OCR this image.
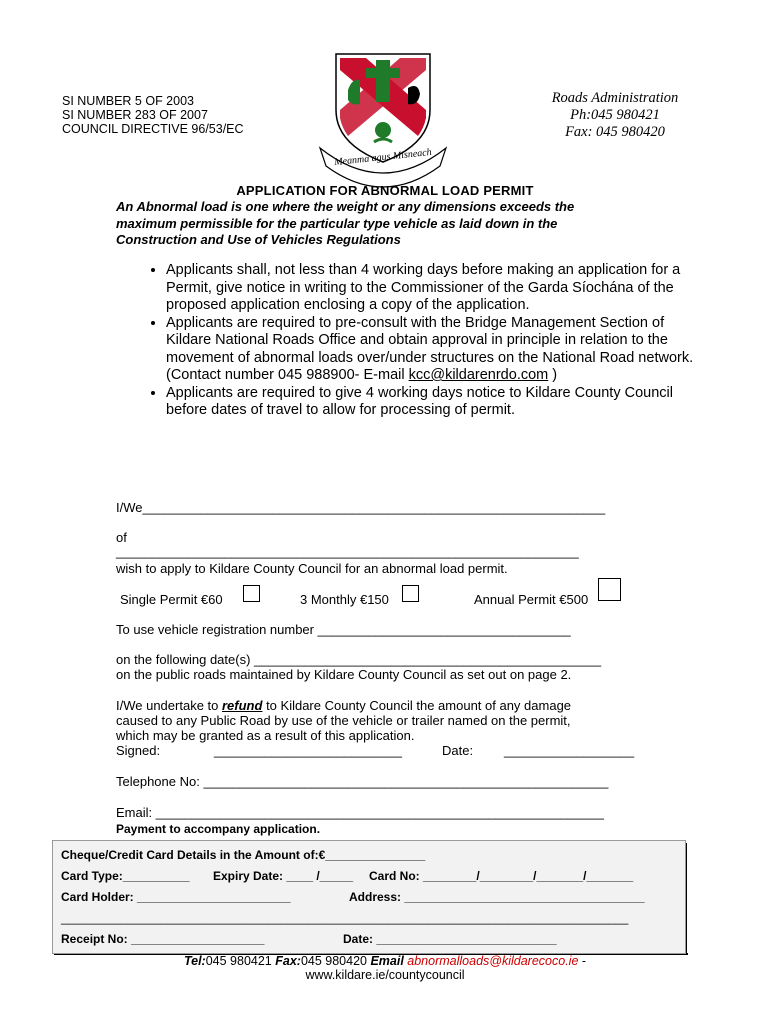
SI NUMBER 5 OF 2003
SI NUMBER 283 OF 2007
COUNCIL DIRECTIVE 96/53/EC
Meanma agus Misneach
Roads Administration
Ph:045 980421
Fax: 045 980420
APPLICATION FOR ABNORMAL LOAD PERMIT
An Abnormal load is one where the weight or any dimensions exceeds the maximum permissible for the particular type vehicle as laid down in the Construction and Use of Vehicles Regulations
• Applicants shall, not less than 4 working days before making an application for a Permit, give notice in writing to the Commissioner of the Garda Síochána of the proposed application enclosing a copy of the application.
• Applicants are required to pre-consult with the Bridge Management Section of Kildare National Roads Office and obtain approval in principle in relation to the movement of abnormal loads over/under structures on the National Road network.
(Contact number 045 988900- E-mail kcc@kildarenrdo.com )
• Applicants are required to give 4 working days notice to Kildare County Council before dates of travel to allow for processing of permit.
I/We________________________________________________________________
of
________________________________________________________________
wish to apply to Kildare County Council for an abnormal load permit.
Single Permit €60	3 Monthly €150	Annual Permit €500
To use vehicle registration number ___________________________________
on the following date(s) ________________________________________________
on the public roads maintained by Kildare County Council as set out on page 2.
I/We undertake to refund to Kildare County Council the amount of any damage
caused to any Public Road by use of the vehicle or trailer named on the permit,
which may be granted as a result of this application.
Signed:	__________________________	Date: __________________
Telephone No: ________________________________________________________
Email: ______________________________________________________________
Payment to accompany application.
Cheque/Credit Card Details in the Amount of:€_______________
Card Type:__________ Expiry Date: ____ /_____ Card No: ________/________/_______/_______
Card Holder: _______________________	Address: ____________________________________
_____________________________________________________________________________________
Receipt No: ____________________	Date: ___________________________
Tel:045 980421 Fax:045 980420 Email abnormalloads@kildarecoco.ie -
www.kildare.ie/countycouncil
